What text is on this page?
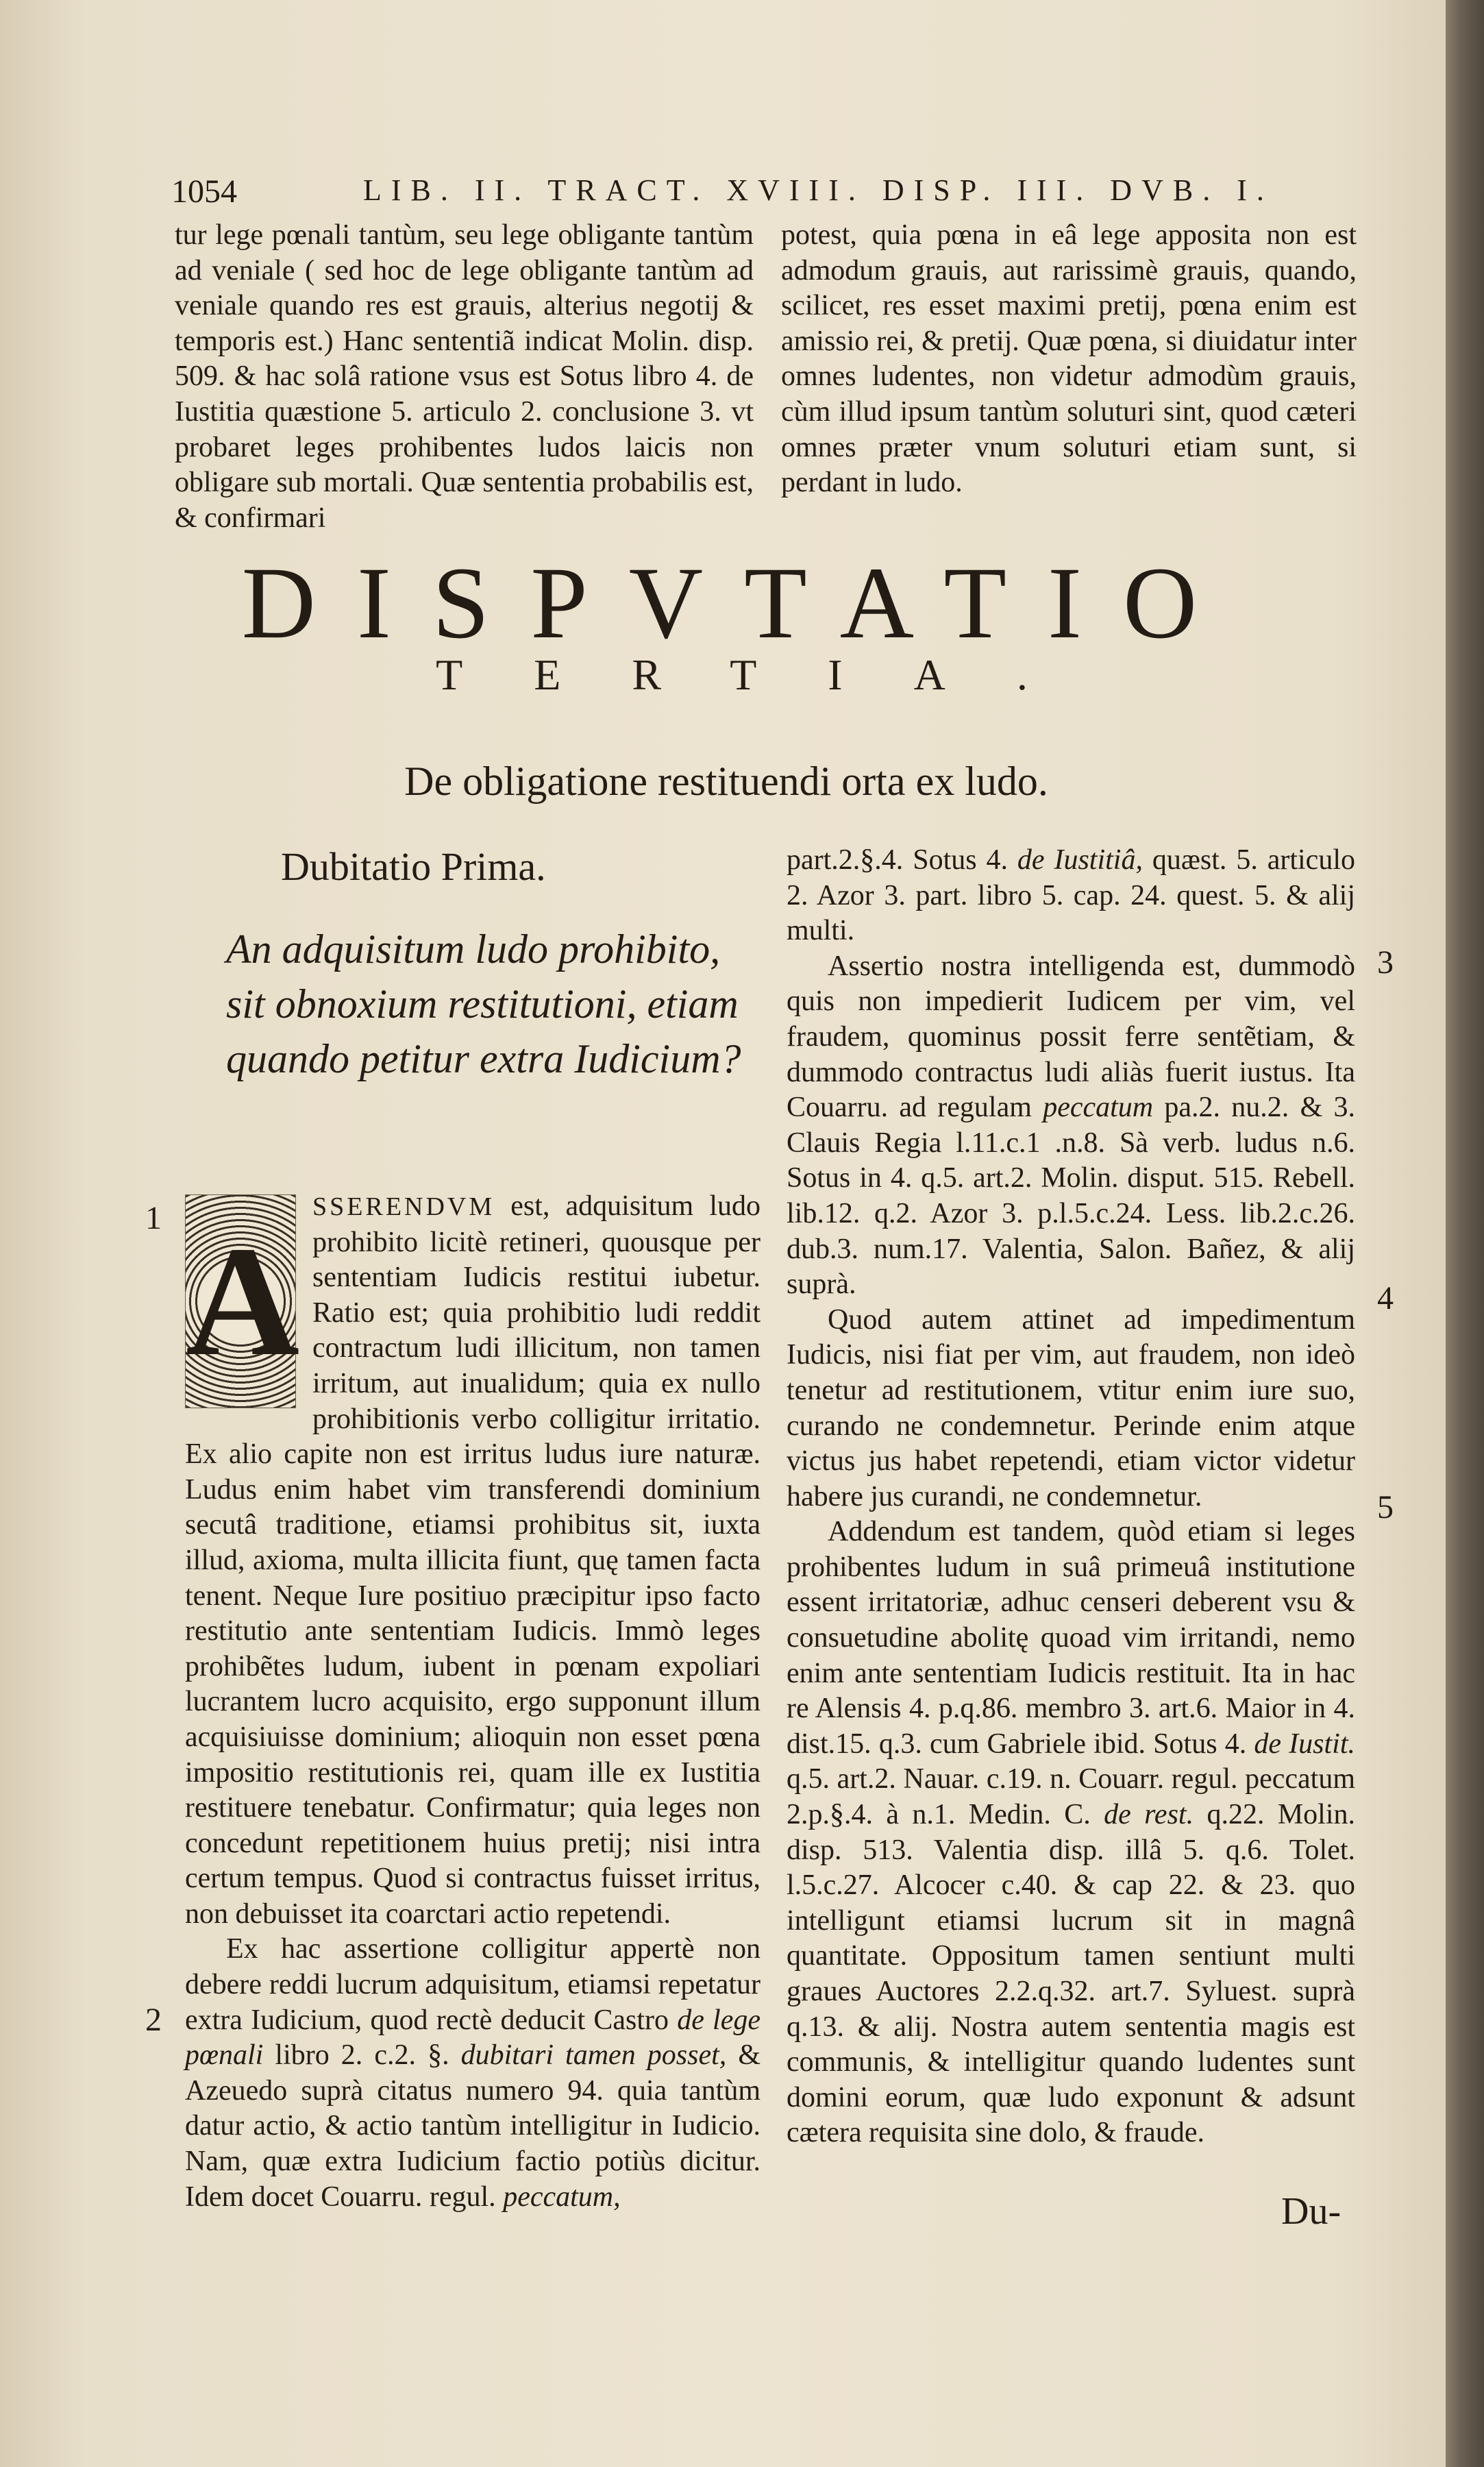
1054	LIB. II. TRACT. XVIII. DISP. III. DVB. I.

tur lege pœnali tantùm, seu lege obligante tantùm ad veniale ( sed hoc de lege obligante tantùm ad veniale quando res est grauis, alterius negotij & temporis est.) Hanc sententiã indicat Molin. disp. 509. & hac solâ ratione vsus est Sotus libro 4. de Iustitia quæstione 5. articulo 2. conclusione 3. vt probaret leges prohibentes ludos laicis non obligare sub mortali. Quæ sententia probabilis est, & confirmari

potest, quia pœna in eâ lege apposita non est admodum grauis, aut rarissimè grauis, quando, scilicet, res esset maximi pretij, pœna enim est amissio rei, & pretij. Quæ pœna, si diuidatur inter omnes ludentes, non videtur admodùm grauis, cùm illud ipsum tantùm soluturi sint, quod cæteri omnes præter vnum soluturi etiam sunt, si perdant in ludo.

DISPVTATIO
TERTIA.
De obligatione restituendi orta ex ludo.
Dubitatio Prima.
An adquisitum ludo prohibito, sit obnoxium restitutioni, etiam quando petitur extra Iudicium?

A
SSERENDVM est, adquisitum ludo prohibito licitè retineri, quousque per sententiam Iudicis restitui iubetur. Ratio est; quia prohibitio ludi reddit contractum ludi illicitum, non tamen irritum, aut inualidum; quia ex nullo prohibitionis verbo colligitur irritatio. Ex alio capite non est irritus ludus iure naturæ. Ludus enim habet vim transferendi dominium secutâ traditione, etiamsi prohibitus sit, iuxta illud, axioma, multa illicita fiunt, quę tamen facta tenent. Neque Iure positiuo præcipitur ipso facto restitutio ante sententiam Iudicis. Immò leges prohibẽtes ludum, iubent in pœnam expoliari lucrantem lucro acquisito, ergo supponunt illum acquisiuisse dominium; alioquin non esset pœna impositio restitutionis rei, quam ille ex Iustitia restituere tenebatur. Confirmatur; quia leges non concedunt repetitionem huius pretij; nisi intra certum tempus. Quod si contractus fuisset irritus, non debuisset ita coarctari actio repetendi.

Ex hac assertione colligitur appertè non debere reddi lucrum adquisitum, etiamsi repetatur extra Iudicium, quod rectè deducit Castro de lege pœnali libro 2. c.2. §. dubitari tamen posset, & Azeuedo suprà citatus numero 94. quia tantùm datur actio, & actio tantùm intelligitur in Iudicio. Nam, quæ extra Iudicium factio potiùs dicitur. Idem docet Couarru. regul. peccatum,

part.2.§.4. Sotus 4. de Iustitiâ, quæst. 5. articulo 2. Azor 3. part. libro 5. cap. 24. quest. 5. & alij multi.

Assertio nostra intelligenda est, dummodò quis non impedierit Iudicem per vim, vel fraudem, quominus possit ferre sentẽtiam, & dummodo contractus ludi aliàs fuerit iustus. Ita Couarru. ad regulam peccatum pa.2. nu.2. & 3. Clauis Regia l.11.c.1 .n.8. Sà verb. ludus n.6. Sotus in 4. q.5. art.2. Molin. disput. 515. Rebell. lib.12. q.2. Azor 3. p.l.5.c.24. Less. lib.2.c.26. dub.3. num.17. Valentia, Salon. Bañez, & alij suprà.

Quod autem attinet ad impedimentum Iudicis, nisi fiat per vim, aut fraudem, non ideò tenetur ad restitutionem, vtitur enim iure suo, curando ne condemnetur. Perinde enim atque victus jus habet repetendi, etiam victor videtur habere jus curandi, ne condemnetur.

Addendum est tandem, quòd etiam si leges prohibentes ludum in suâ primeuâ institutione essent irritatoriæ, adhuc censeri deberent vsu & consuetudine abolitę quoad vim irritandi, nemo enim ante sententiam Iudicis restituit. Ita in hac re Alensis 4. p.q.86. membro 3. art.6. Maior in 4. dist.15. q.3. cum Gabriele ibid. Sotus 4. de Iustit. q.5. art.2. Nauar. c.19. n. Couarr. regul. peccatum 2.p.§.4. à n.1. Medin. C. de rest. q.22. Molin. disp. 513. Valentia disp. illâ 5. q.6. Tolet. l.5.c.27. Alcocer c.40. & cap 22. & 23. quo intelligunt etiamsi lucrum sit in magnâ quantitate. Oppositum tamen sentiunt multi graues Auctores 2.2.q.32. art.7. Syluest. suprà q.13. & alij. Nostra autem sententia magis est communis, & intelligitur quando ludentes sunt domini eorum, quæ ludo exponunt & adsunt cætera requisita sine dolo, & fraude.

1
2
3
4
5
Du-
